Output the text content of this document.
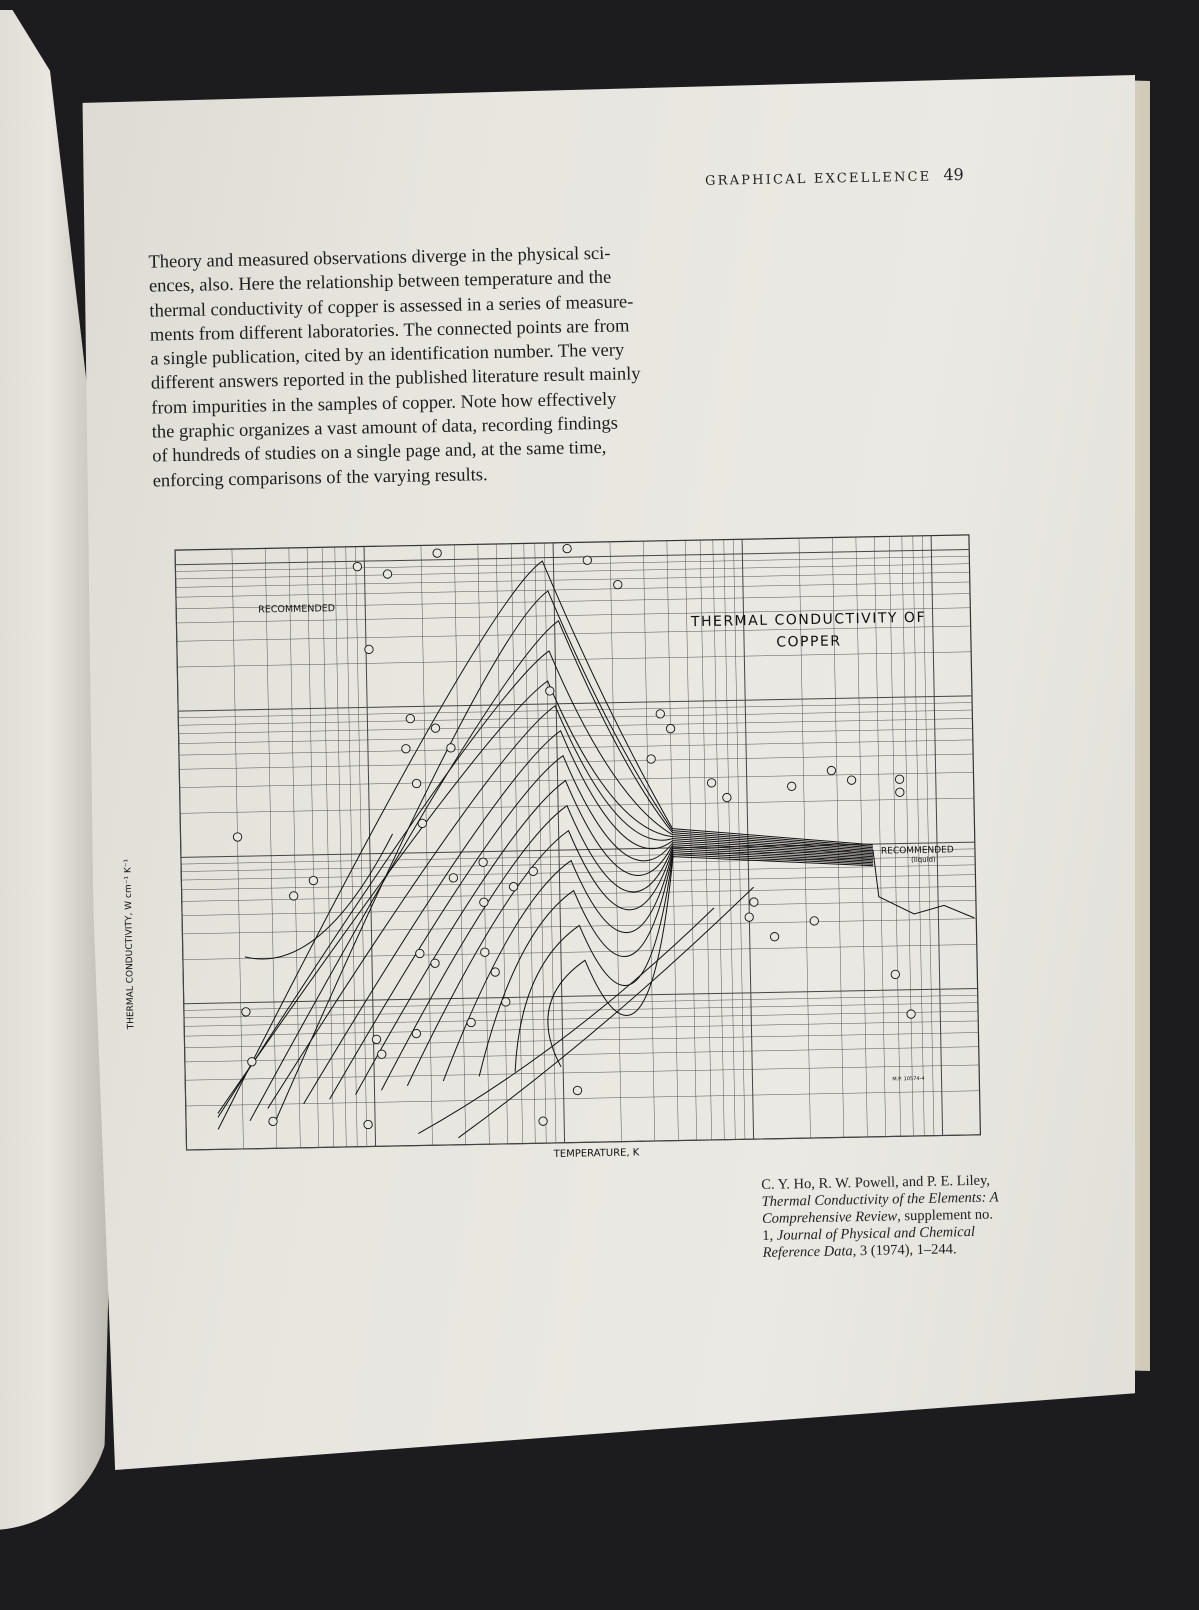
GRAPHICAL EXCELLENCE 49
Theory and measured observations diverge in the physical sci-
ences, also. Here the relationship between temperature and the
thermal conductivity of copper is assessed in a series of measure-
ments from different laboratories. The connected points are from
a single publication, cited by an identification number. The very
different answers reported in the published literature result mainly
from impurities in the samples of copper. Note how effectively
the graphic organizes a vast amount of data, recording findings
of hundreds of studies on a single page and, at the same time,
enforcing comparisons of the varying results.
THERMAL CONDUCTIVITY OF
COPPER
RECOMMENDED
RECOMMENDED
(liquid)
TEMPERATURE, K
THERMAL CONDUCTIVITY, W cm⁻¹ K⁻¹
M.P. 10574-4
C. Y. Ho, R. W. Powell, and P. E. Liley,
Thermal Conductivity of the Elements: A
Comprehensive Review, supplement no.
1, Journal of Physical and Chemical
Reference Data, 3 (1974), 1–244.
